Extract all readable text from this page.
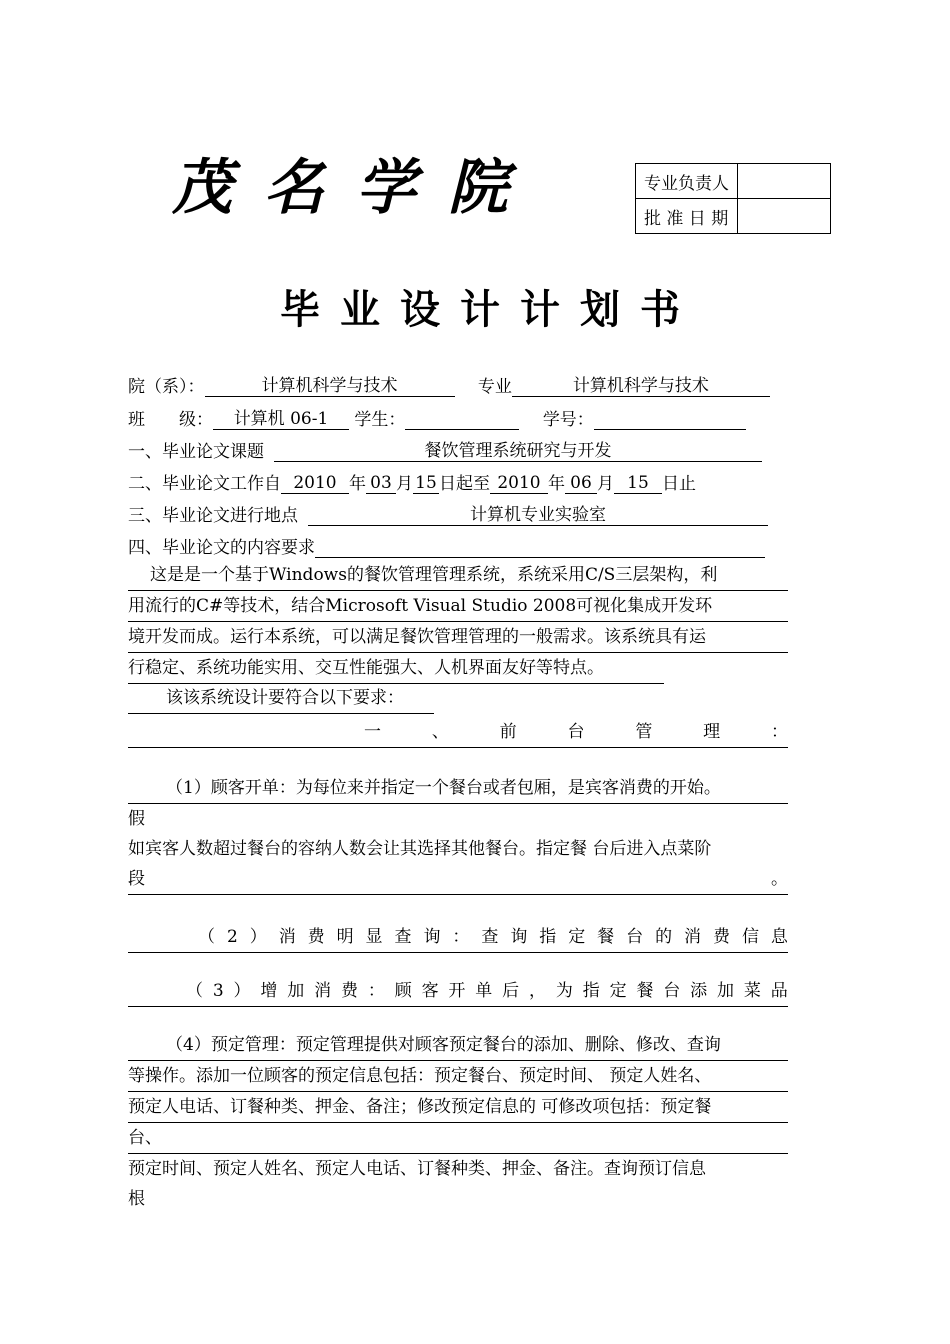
茂名学院	专业负责人	
批 准 日 期	
毕业设计计划书
院（系）：	计算机科学与技术	专业	计算机科学与技术
班　　级： 计算机 06-1 学生：	学号：
一、毕业论文课题	餐饮管理系统研究与开发
二、毕业论文工作自 2010 年 03 月 15 日起至 2010 年 06 月 15 日止
三、毕业论文进行地点	计算机专业实验室
四、毕业论文的内容要求
这是是一个基于Windows的餐饮管理管理系统，系统采用C/S三层架构，利
用流行的C#等技术，结合Microsoft Visual Studio 2008可视化集成开发环
境开发而成。运行本系统，可以满足餐饮管理管理的一般需求。该系统具有运
行稳定、系统功能实用、交互性能强大、人机界面友好等特点。
该该系统设计要符合以下要求：
一	、	前	台	管	理	：
（1）顾客开单：为每位来并指定一个餐台或者包厢，是宾客消费的开始。
假
如宾客人数超过餐台的容纳人数会让其选择其他餐台。指定餐 台后进入点菜阶
段	。
（ 2 ） 消 费 明 显 查 询 ： 查 询 指 定 餐 台 的 消 费 信 息
（ 3 ） 增 加 消 费 ： 顾 客 开 单 后 ， 为 指 定 餐 台 添 加 菜 品
（4）预定管理：预定管理提供对顾客预定餐台的添加、删除、修改、查询
等操作。添加一位顾客的预定信息包括：预定餐台、预定时间、 预定人姓名、
预定人电话、订餐种类、押金、备注；修改预定信息的 可修改项包括：预定餐
台、
预定时间、预定人姓名、预定人电话、订餐种类、押金、备注。查询预订信息
根
